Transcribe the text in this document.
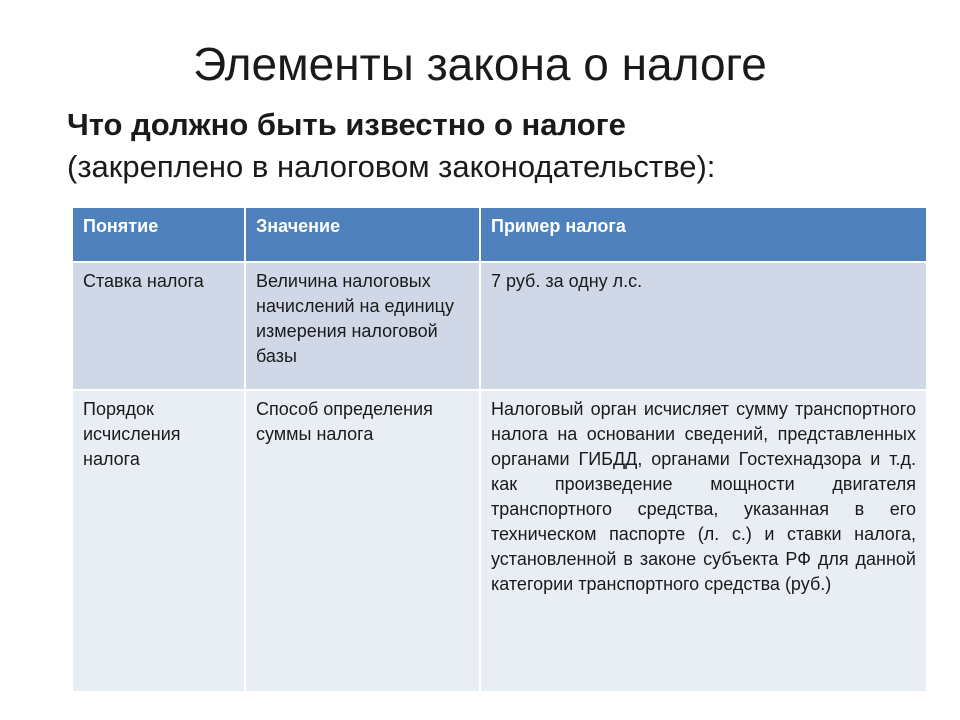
Элементы закона о налоге
Что должно быть известно о налоге
(закреплено в налоговом законодательстве):
Понятие	Значение	Пример налога
Ставка налога	Величина налоговых начислений на единицу измерения налоговой базы	7 руб. за одну л.с.
Порядок исчисления налога	Способ определения суммы налога	Налоговый орган исчисляет сумму транспортного налога на основании сведений, представленных органами ГИБДД, органами Гостехнадзора и т.д. как произведение мощности двигателя транспортного средства, указанная в его техническом паспорте (л. с.) и ставки налога, установленной в законе субъекта РФ для данной категории транспортного средства (руб.)
